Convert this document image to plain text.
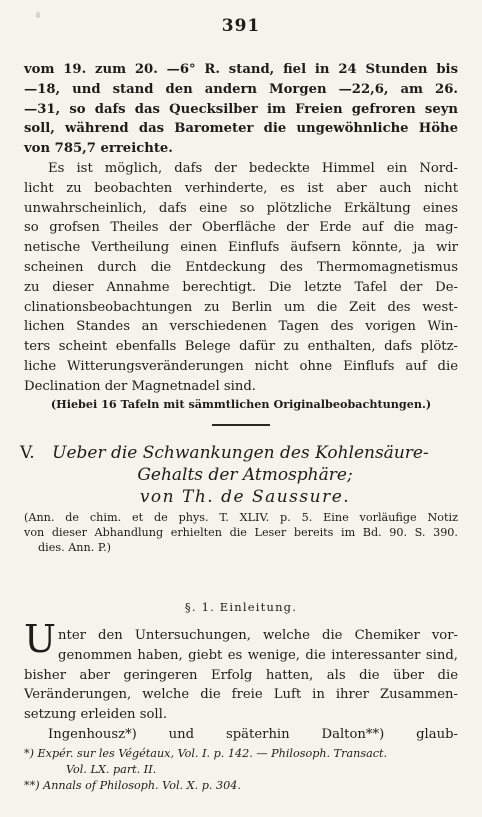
391
vom 19. zum 20. —6° R. stand, fiel in 24 Stunden bis
—18, und stand den andern Morgen —22,6, am 26.
—31, so dafs das Quecksilber im Freien gefroren seyn
soll, während das Barometer die ungewöhnliche Höhe
von 785,7 erreichte.
Es ist möglich, dafs der bedeckte Himmel ein Nord-
licht zu beobachten verhinderte, es ist aber auch nicht
unwahrscheinlich, dafs eine so plötzliche Erkältung eines
so grofsen Theiles der Oberfläche der Erde auf die mag-
netische Vertheilung einen Einflufs äufsern könnte, ja wir
scheinen durch die Entdeckung des Thermomagnetismus
zu dieser Annahme berechtigt. Die letzte Tafel der De-
clinationsbeobachtungen zu Berlin um die Zeit des west-
lichen Standes an verschiedenen Tagen des vorigen Win-
ters scheint ebenfalls Belege dafür zu enthalten, dafs plötz-
liche Witterungsveränderungen nicht ohne Einflufs auf die
Declination der Magnetnadel sind.
(Hiebei 16 Tafeln mit sämmtlichen Originalbeobachtungen.)
V. Ueber die Schwankungen des Kohlensäure-
Gehalts der Atmosphäre;
von Th. de Saussure.
(Ann. de chim. et de phys. T. XLIV. p. 5. Eine vorläufige Notiz
von dieser Abhandlung erhielten die Leser bereits im Bd. 90. S. 390.
dies. Ann. P.)
§. 1. Einleitung.
U nter den Untersuchungen, welche die Chemiker vor-
genommen haben, giebt es wenige, die interessanter sind,
bisher aber geringeren Erfolg hatten, als die über die
Veränderungen, welche die freie Luft in ihrer Zusammen-
setzung erleiden soll.
Ingenhousz*) und späterhin Dalton**) glaub-
*) Expér. sur les Végétaux, Vol. I. p. 142. — Philosoph. Transact.
Vol. LX. part. II.
**) Annals of Philosoph. Vol. X. p. 304.
